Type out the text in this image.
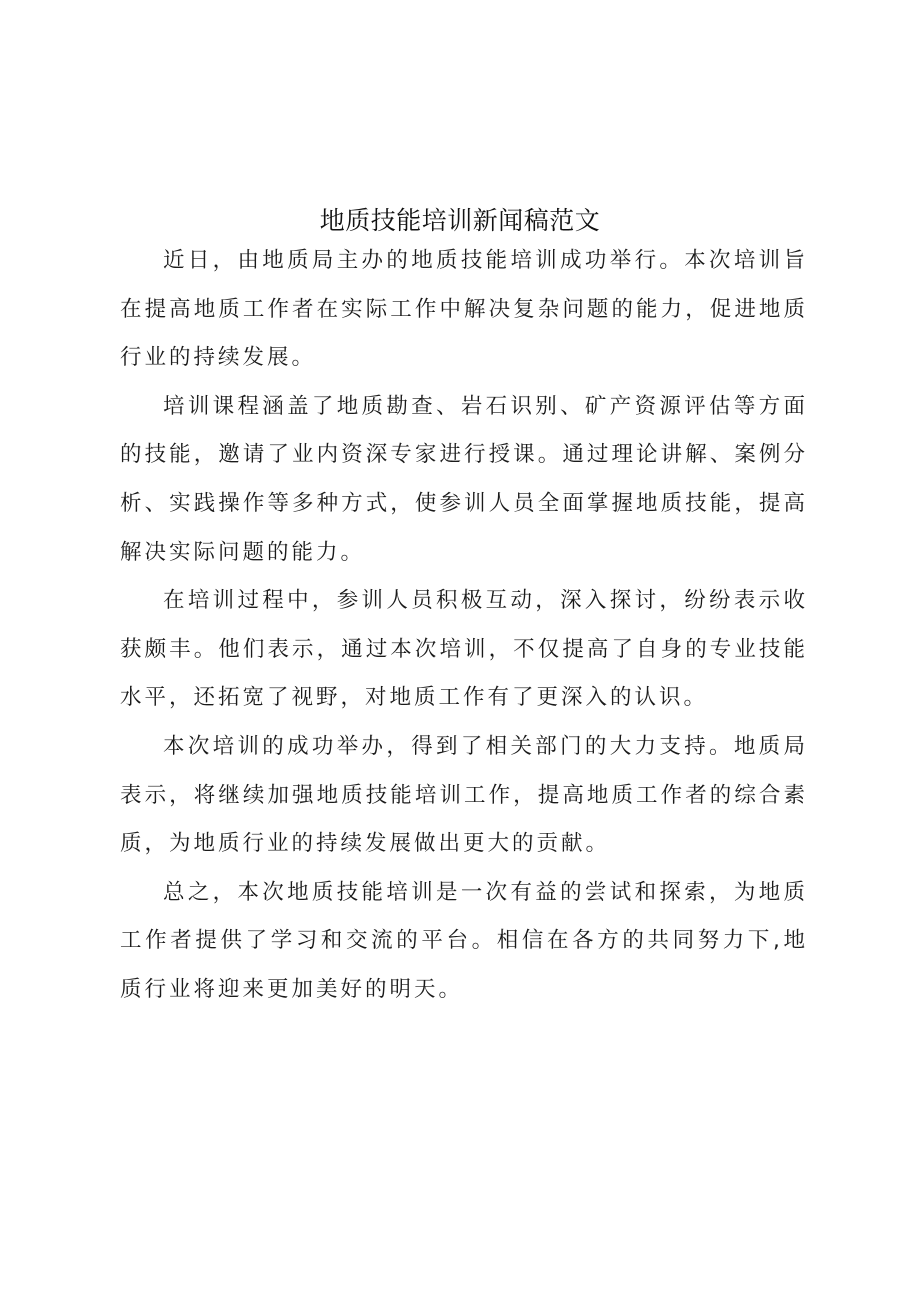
地质技能培训新闻稿范文

近日，由地质局主办的地质技能培训成功举行。本次培训旨在提高地质工作者在实际工作中解决复杂问题的能力，促进地质行业的持续发展。

培训课程涵盖了地质勘查、岩石识别、矿产资源评估等方面的技能，邀请了业内资深专家进行授课。通过理论讲解、案例分析、实践操作等多种方式，使参训人员全面掌握地质技能，提高解决实际问题的能力。

在培训过程中，参训人员积极互动，深入探讨，纷纷表示收获颇丰。他们表示，通过本次培训，不仅提高了自身的专业技能水平，还拓宽了视野，对地质工作有了更深入的认识。

本次培训的成功举办，得到了相关部门的大力支持。地质局表示，将继续加强地质技能培训工作，提高地质工作者的综合素质，为地质行业的持续发展做出更大的贡献。

总之，本次地质技能培训是一次有益的尝试和探索，为地质工作者提供了学习和交流的平台。相信在各方的共同努力下,地质行业将迎来更加美好的明天。
